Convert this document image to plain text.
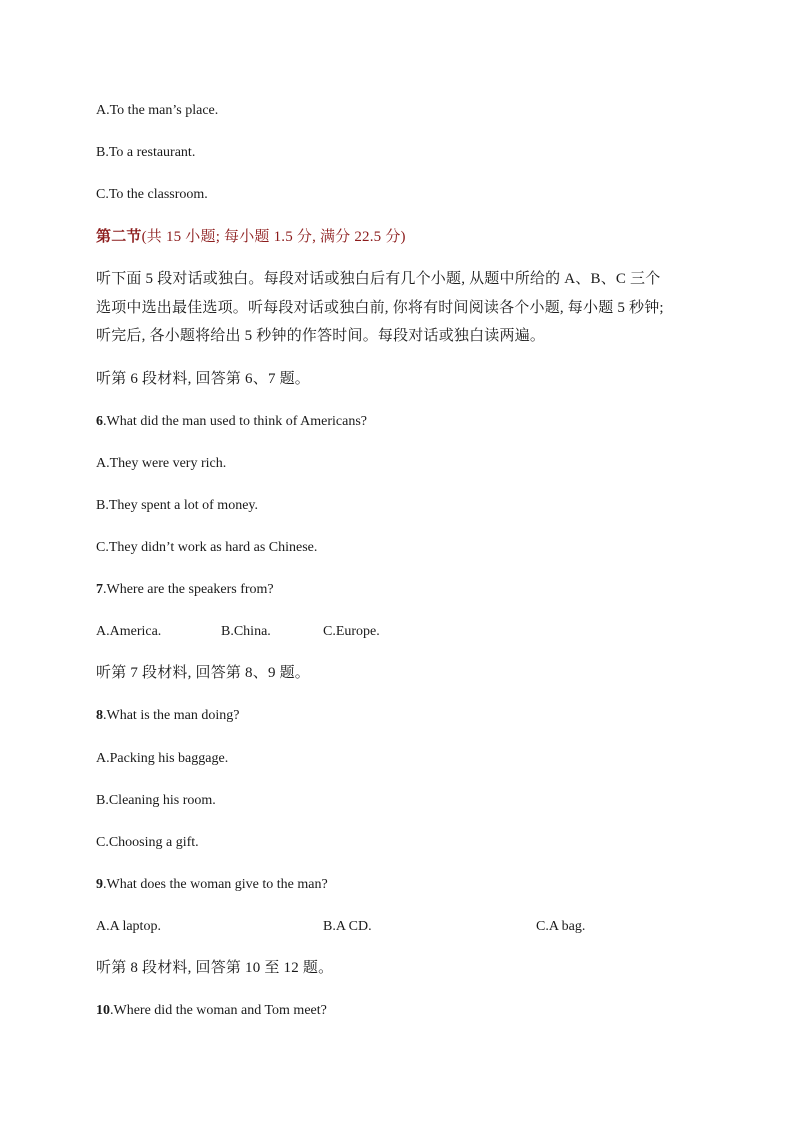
A.To the man’s place.
B.To a restaurant.
C.To the classroom.
第二节(共 15 小题; 每小题 1.5 分, 满分 22.5 分)
听下面 5 段对话或独白。每段对话或独白后有几个小题, 从题中所给的 A、B、C 三个
选项中选出最佳选项。听每段对话或独白前, 你将有时间阅读各个小题, 每小题 5 秒钟;
听完后, 各小题将给出 5 秒钟的作答时间。每段对话或独白读两遍。
听第 6 段材料, 回答第 6、7 题。
6.What did the man used to think of Americans?
A.They were very rich.
B.They spent a lot of money.
C.They didn’t work as hard as Chinese.
7.Where are the speakers from?
A.America.	B.China.	C.Europe.
听第 7 段材料, 回答第 8、9 题。
8.What is the man doing?
A.Packing his baggage.
B.Cleaning his room.
C.Choosing a gift.
9.What does the woman give to the man?
A.A laptop.	B.A CD.	C.A bag.
听第 8 段材料, 回答第 10 至 12 题。
10.Where did the woman and Tom meet?
